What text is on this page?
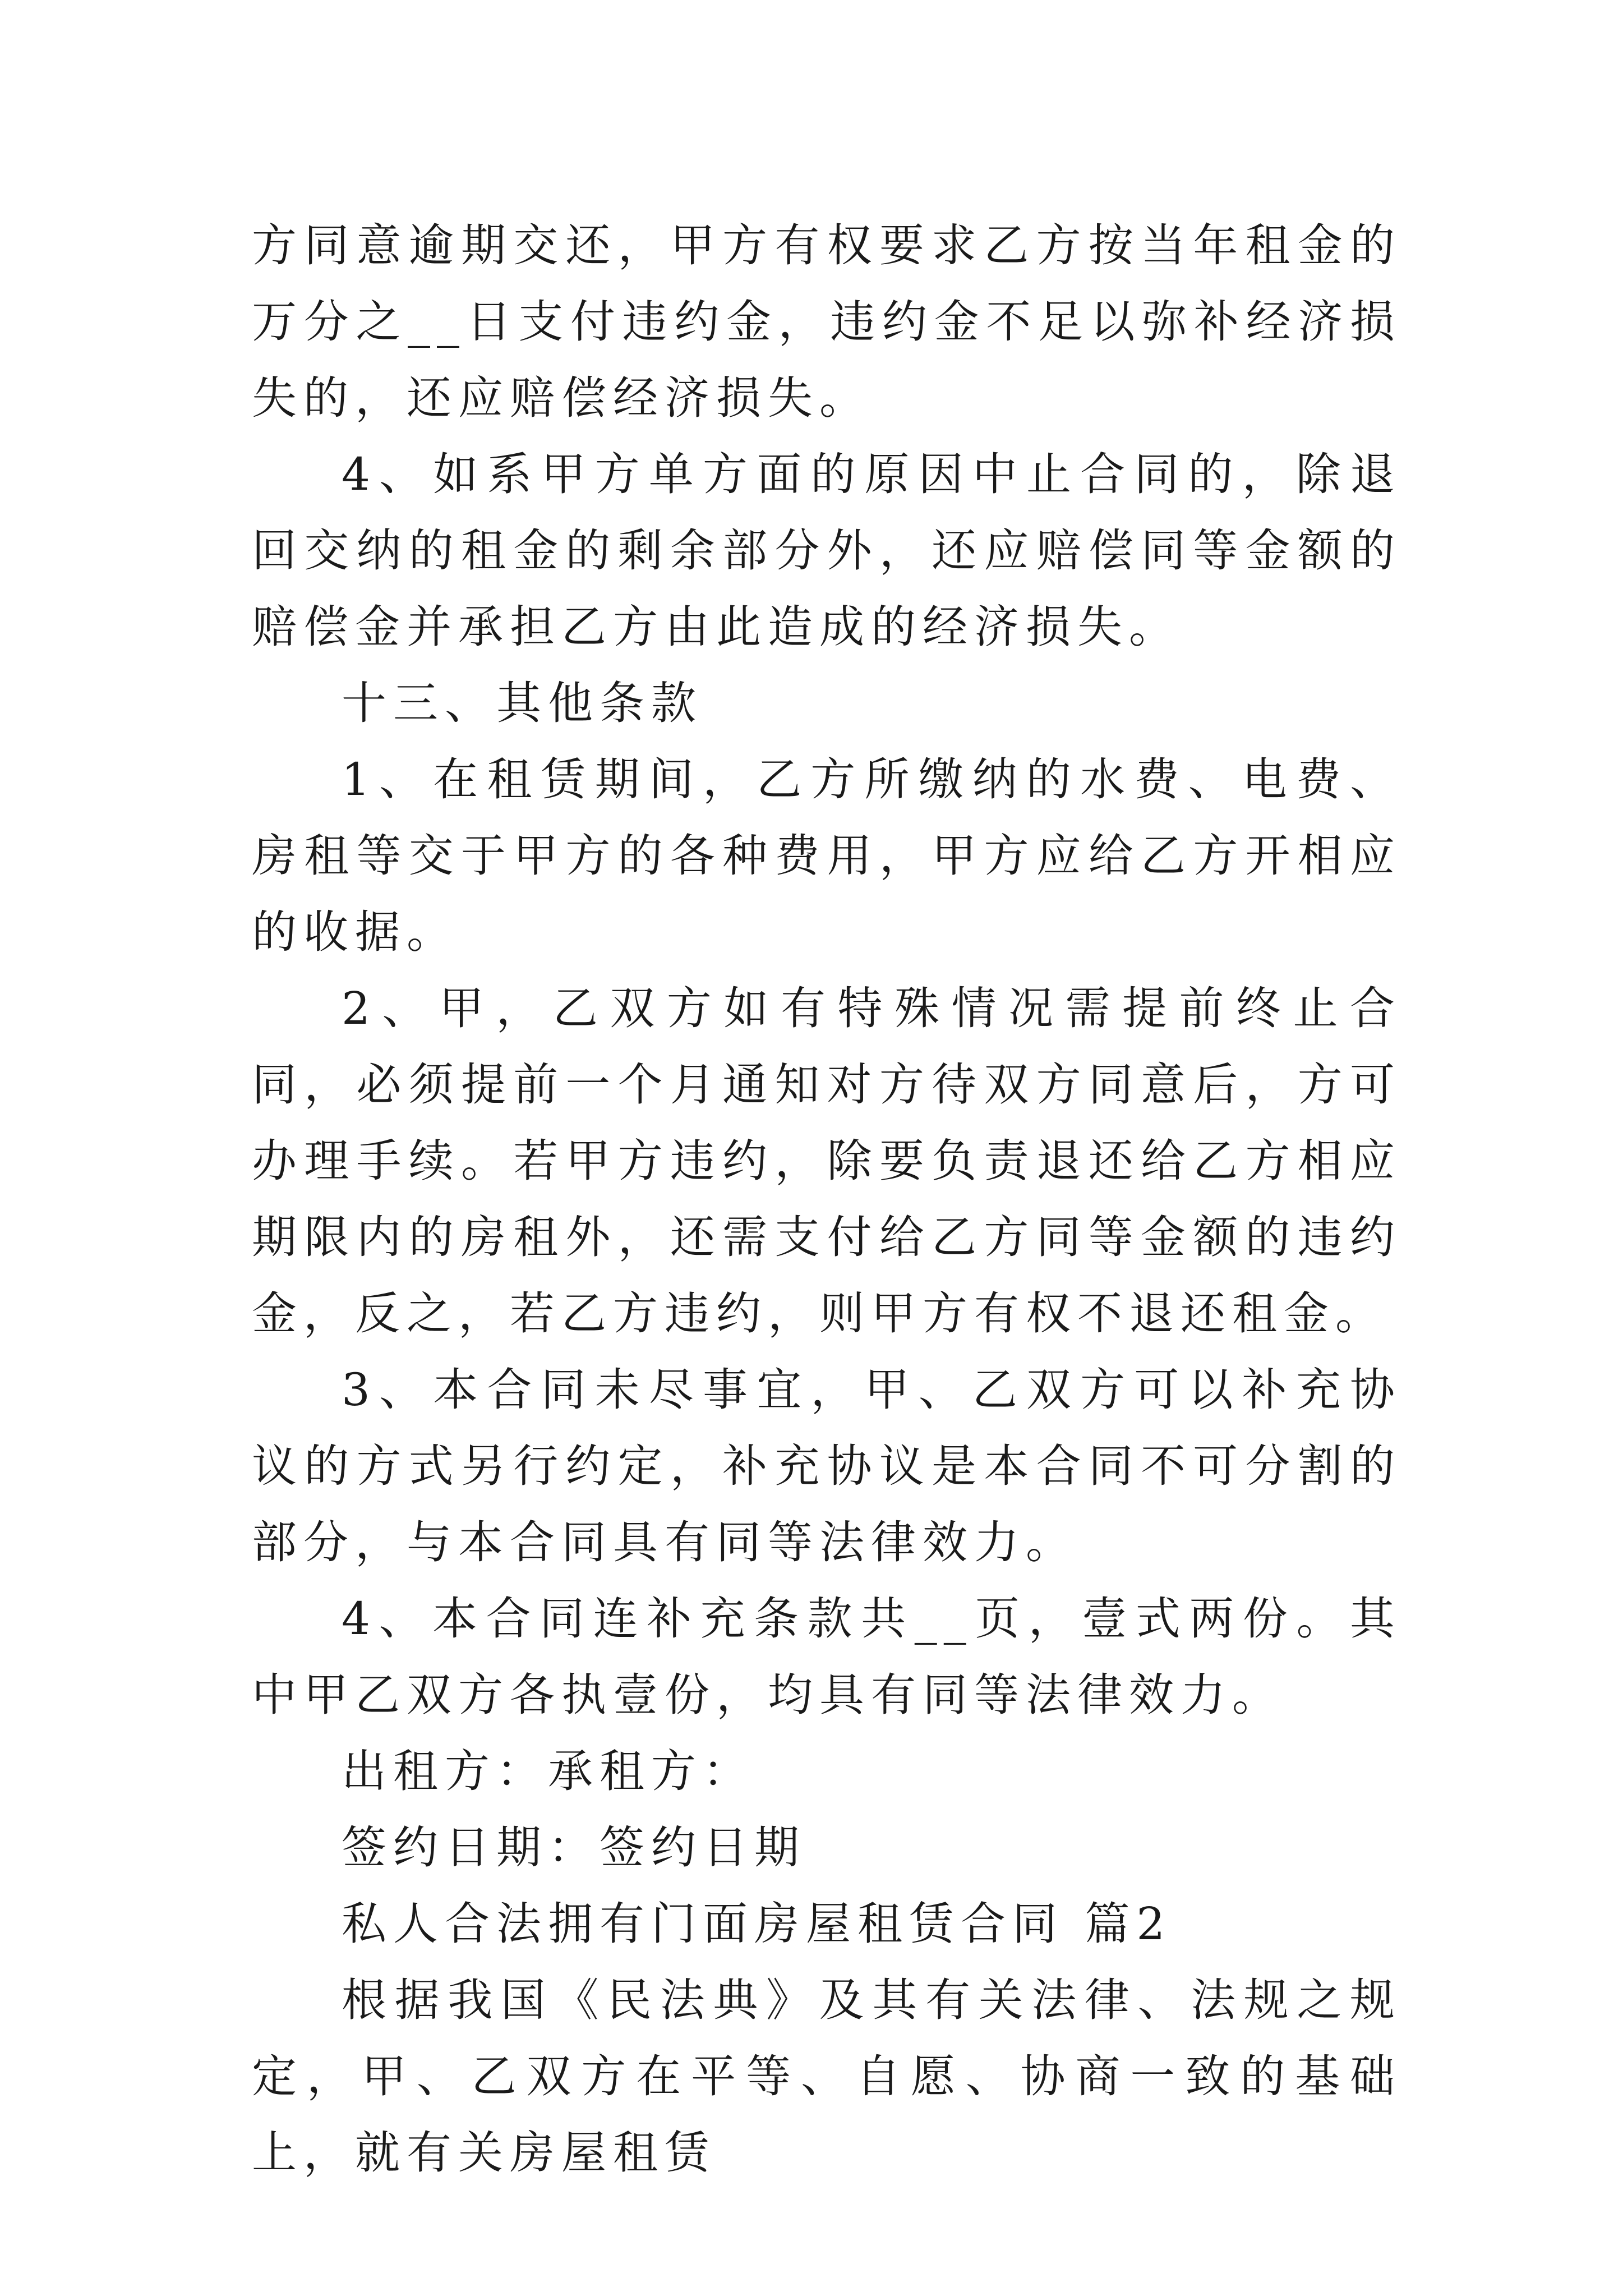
方同意逾期交还，甲方有权要求乙方按当年租金的万分之__日支付违约金，违约金不足以弥补经济损失的，还应赔偿经济损失。

4、如系甲方单方面的原因中止合同的，除退回交纳的租金的剩余部分外，还应赔偿同等金额的赔偿金并承担乙方由此造成的经济损失。

十三、其他条款

1、在租赁期间，乙方所缴纳的水费、电费、房租等交于甲方的各种费用，甲方应给乙方开相应的收据。

2、甲，乙双方如有特殊情况需提前终止合同，必须提前一个月通知对方待双方同意后，方可办理手续。若甲方违约，除要负责退还给乙方相应期限内的房租外，还需支付给乙方同等金额的违约金，反之，若乙方违约，则甲方有权不退还租金。

3、本合同未尽事宜，甲、乙双方可以补充协议的方式另行约定，补充协议是本合同不可分割的部分，与本合同具有同等法律效力。

4、本合同连补充条款共__页，壹式两份。其中甲乙双方各执壹份，均具有同等法律效力。

出租方：承租方：

签约日期：签约日期

私人合法拥有门面房屋租赁合同 篇2

根据我国《民法典》及其有关法律、法规之规定，甲、乙双方在平等、自愿、协商一致的基础上，就有关房屋租赁
